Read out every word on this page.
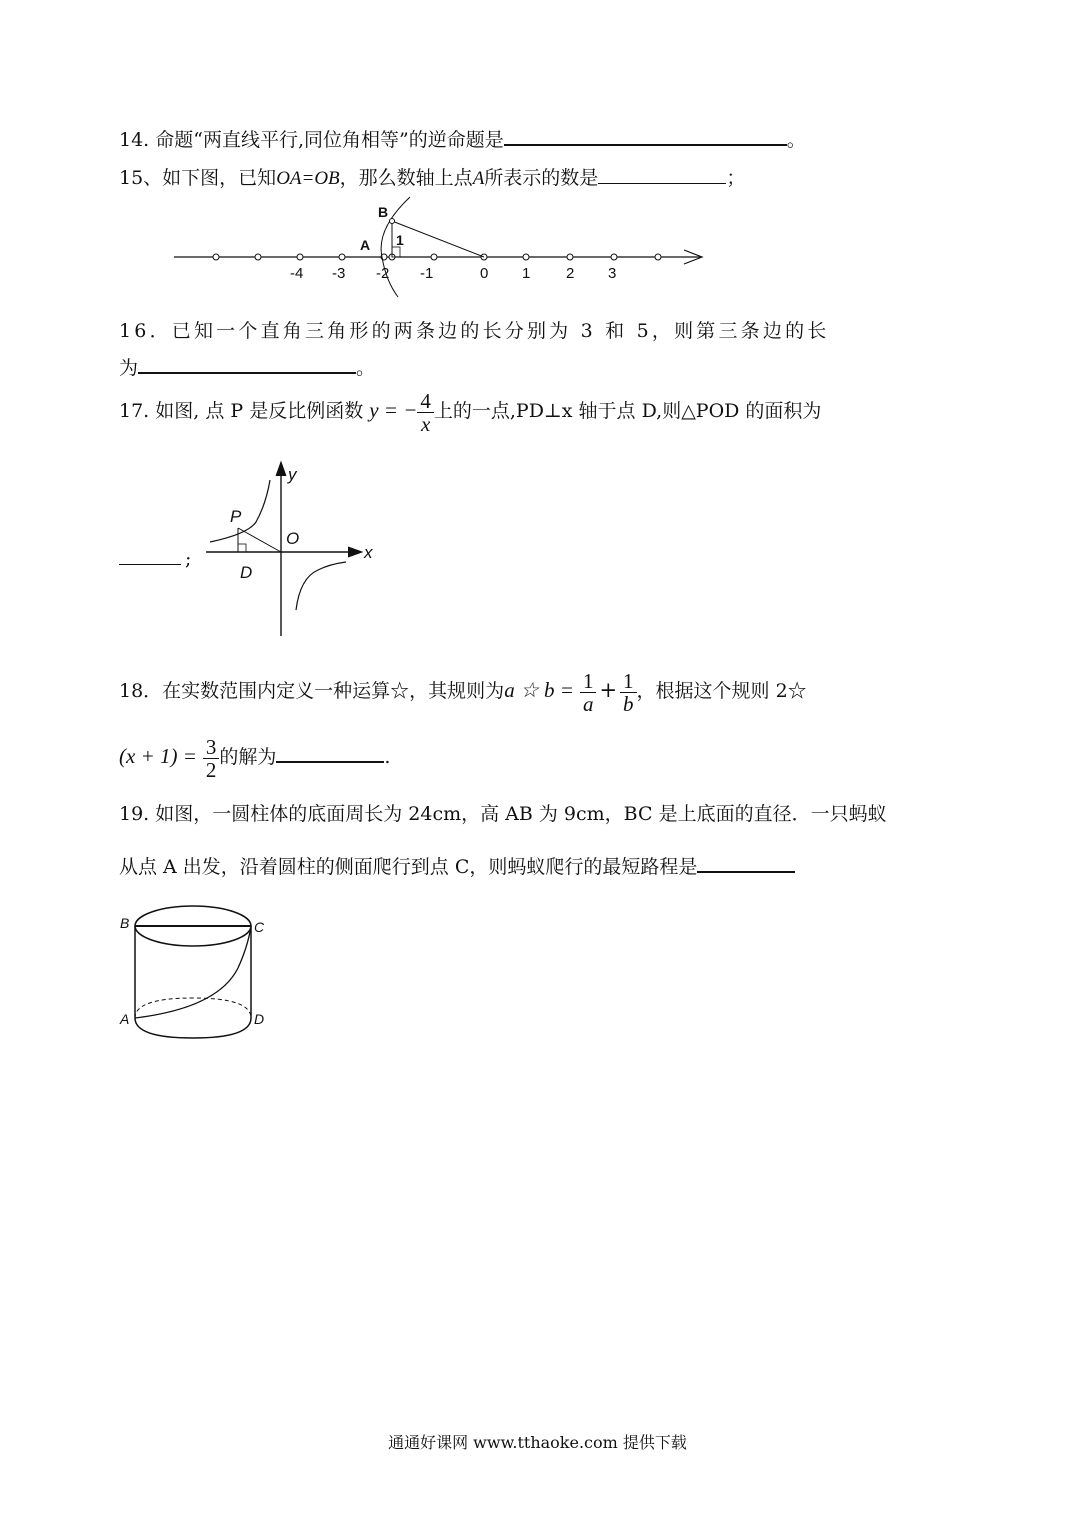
14. 命题“两直线平行,同位角相等”的逆命题是	。
15、如下图，已知OA=OB，那么数轴上点A所表示的数是	；
B
A 1
-4 -3 -2 -1	0 1 2 3
16．已知一个直角三角形的两条边的长分别为 3 和 5，则第三条边的长
为	。
17. 如图, 点 P 是反比例函数 y = − $\frac{4}{x}$ 上的一点,PD⊥x 轴于点 D,则△POD 的面积为
;
y
x
P
O
D
18．在实数范围内定义一种运算☆，其规则为a ☆ $b = \frac{1}{a} + \frac{1}{b}$ ，根据这个规则 2☆
$(x + 1) = \frac{3}{2}$ 的解为	.
19. 如图，一圆柱体的底面周长为 24cm，高 AB 为 9cm，BC 是上底面的直径．一只蚂蚁
从点 A 出发，沿着圆柱的侧面爬行到点 C，则蚂蚁爬行的最短路程是
B	C
A	D
通通好课网 www.tthaoke.com 提供下载
